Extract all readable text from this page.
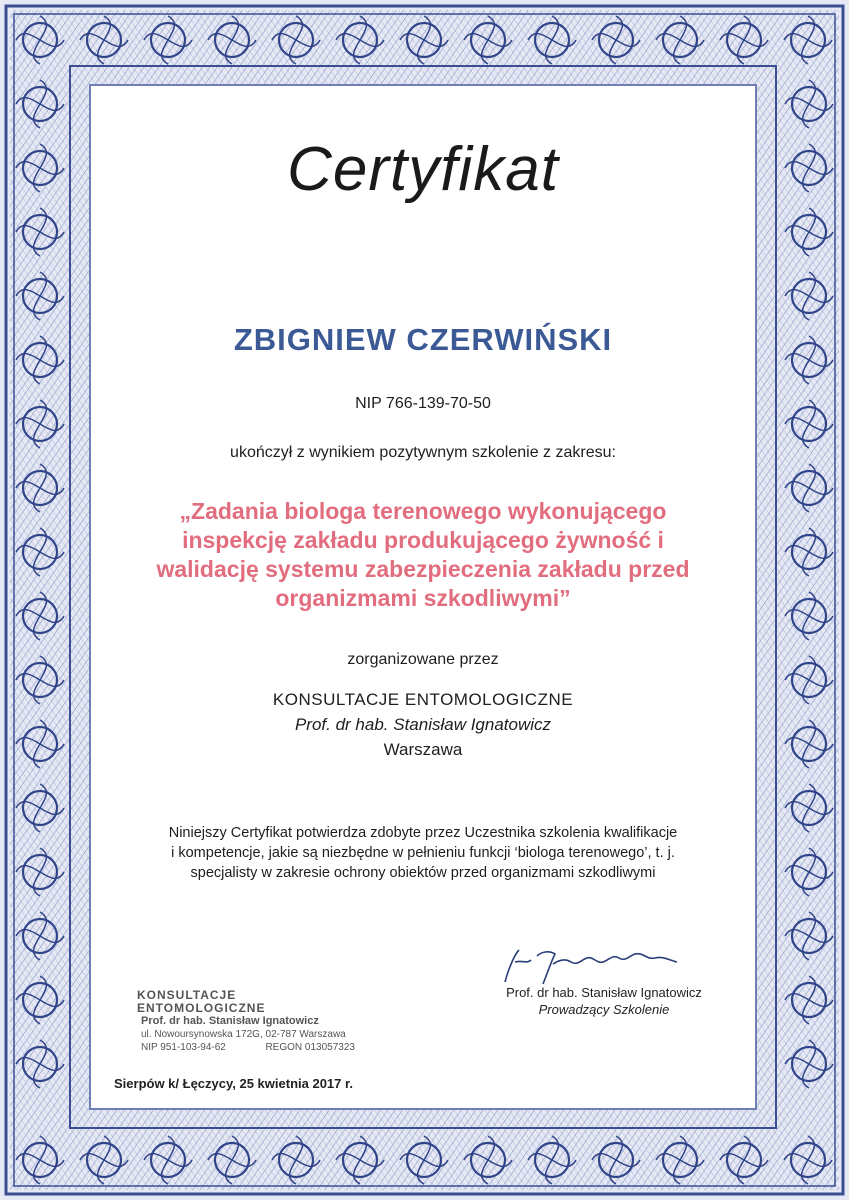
Certyfikat
ZBIGNIEW CZERWIŃSKI
NIP 766-139-70-50
ukończył z wynikiem pozytywnym szkolenie z zakresu:
„Zadania biologa terenowego wykonującego
inspekcję zakładu produkującego żywność i
walidację systemu zabezpieczenia zakładu przed
organizmami szkodliwymi”
zorganizowane przez
KONSULTACJE ENTOMOLOGICZNE
Prof. dr hab. Stanisław Ignatowicz
Warszawa
Niniejszy Certyfikat potwierdza zdobyte przez Uczestnika szkolenia kwalifikacje
i kompetencje, jakie są niezbędne w pełnieniu funkcji ‘biologa terenowego’, t. j.
specjalisty w zakresie ochrony obiektów przed organizmami szkodliwymi
KONSULTACJE ENTOMOLOGICZNE
Prof. dr hab. Stanisław Ignatowicz
ul. Nowoursynowska 172G, 02-787 Warszawa
NIP 951-103-94-62	REGON 013057323
Prof. dr hab. Stanisław Ignatowicz
Prowadzący Szkolenie
Sierpów k/ Łęczycy, 25 kwietnia 2017 r.
